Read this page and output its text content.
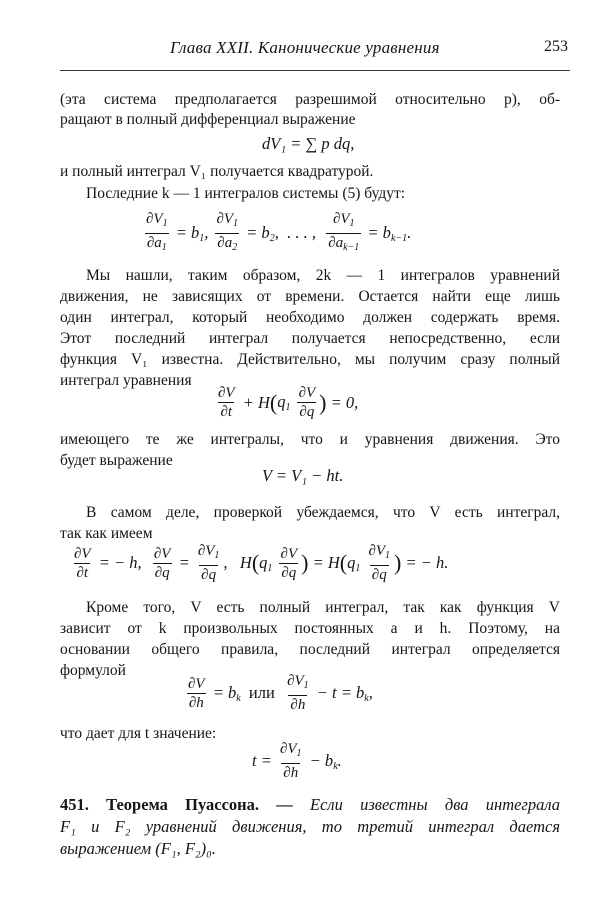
Глава XXII. Канонические уравнения	253
(эта система предполагается разрешимой относительно p), об-
ращают в полный дифференциал выражение
dV₁ = ∑ p dq,
и полный интеграл V₁ получается квадратурой.
Последние k — 1 интегралов системы (5) будут:
$\frac{\partial V_1}{\partial a_1} = b_1$, $\frac{\partial V_1}{\partial a_2} = b_2$,  . . . , $\frac{\partial V_1}{\partial a_{k-1}} = b_{k-1}$.
Мы нашли, таким образом, 2k — 1 интегралов уравнений
движения, не зависящих от времени. Остается найти еще лишь
один интеграл, который необходимо должен содержать время.
Этот последний интеграл получается непосредственно, если
функция V₁ известна. Действительно, мы получим сразу полный
интеграл уравнения
$\frac{\partial V}{\partial t} + H$ ( $q_1 \frac{\partial V}{\partial q}$ ) = 0,
имеющего те же интегралы, что и уравнения движения. Это
будет выражение
V = V₁ − ht.
В самом деле, проверкой убеждаемся, что V есть интеграл,
так как имеем
$\frac{\partial V}{\partial t}$ = − h, $\frac{\partial V}{\partial q} = \frac{\partial V_1}{\partial q}$ ,   H ( $q_1 \frac{\partial V}{\partial q}$ ) = H ( $q_1 \frac{\partial V_1}{\partial q}$ ) = − h.
Кроме того, V есть полный интеграл, так как функция V
зависит от k произвольных постоянных a и h. Поэтому, на
основании общего правила, последний интеграл определяется
формулой
$\frac{\partial V}{\partial h} = b_k$ или
$\frac{\partial V_1}{\partial h} - t = b_k$,
что дает для t значение:
$t = \frac{\partial V_1}{\partial h} - b_k$.
451. Теорема Пуассона. — Если известны два интеграла
F₁ и F₂ уравнений движения, то третий интеграл дается
выражением (F₁, F₂)₀.
